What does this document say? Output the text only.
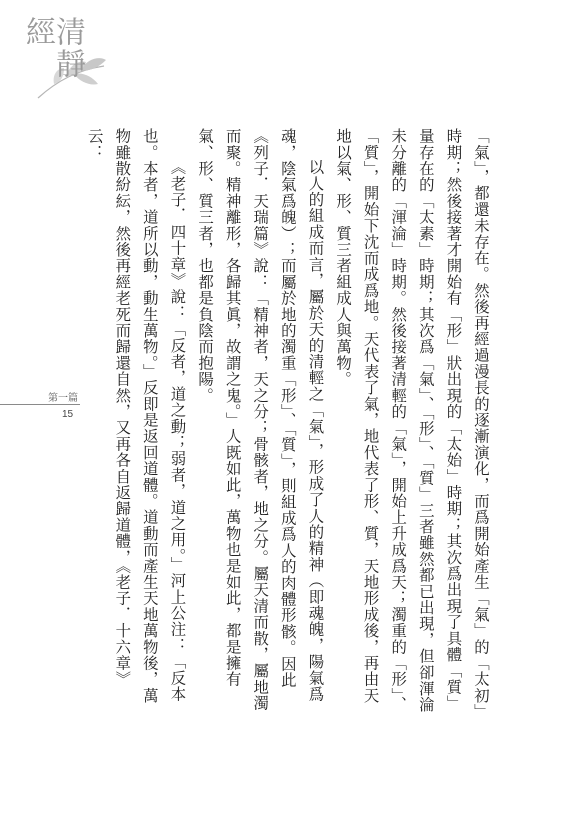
清靜經

「氣」，都還未存在。然後再經過漫長的逐漸演化，而爲開始產生「氣」的「太初」時期；然後接著才開始有「形」狀出現的「太始」時期；其次爲出現了具體「質」量存在的「太素」時期；其次爲「氣」、「形」、「質」三者雖然都已出現，但卻渾淪未分離的「渾淪」時期。然後接著清輕的「氣」，開始上升成爲天；濁重的「形」、「質」，開始下沈而成爲地。天代表了氣，地代表了形、質，天地形成後，再由天地以氣、形、質三者組成人與萬物。

以人的組成而言，屬於天的清輕之「氣」，形成了人的精神（即魂魄，陽氣爲魂，陰氣爲魄）；而屬於地的濁重「形」、「質」，則組成爲人的肉體形骸。因此《列子．天瑞篇》說：「精神者，天之分；骨骸者，地之分。屬天清而散，屬地濁而聚。精神離形，各歸其眞，故謂之鬼。」人既如此，萬物也是如此，都是擁有氣、形、質三者，也都是負陰而抱陽。

《老子．四十章》說：「反者，道之動；弱者，道之用。」河上公注：「反本也。本者，道所以動，動生萬物。」反即是返回道體。道動而產生天地萬物後，萬物雖散紛紜，然後再經老死而歸還自然，又再各自返歸道體，《老子．十六章》云：

第一篇
15
